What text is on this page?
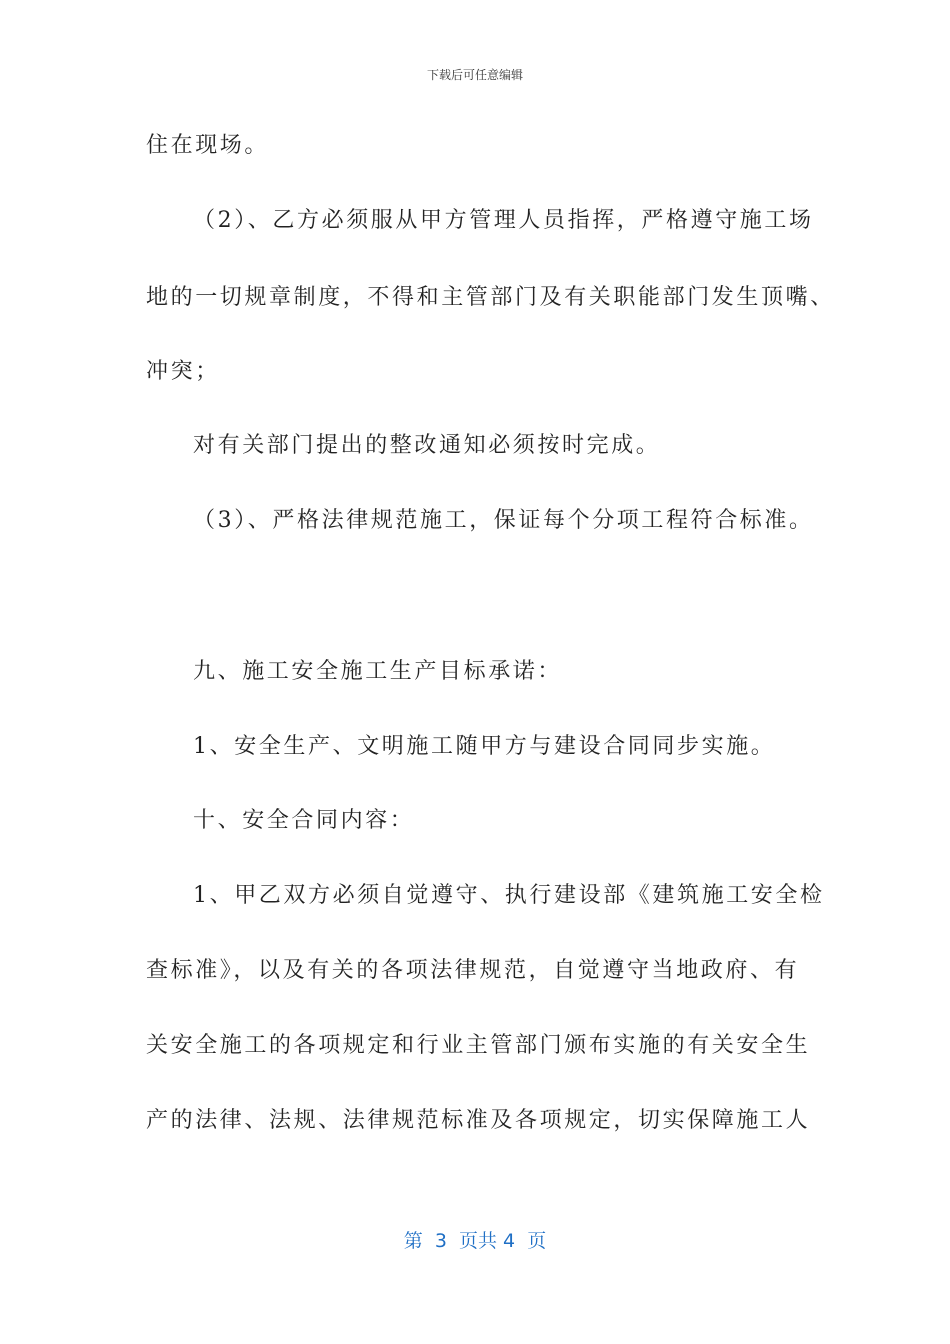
下载后可任意编辑
住在现场。
（2）、乙方必须服从甲方管理人员指挥，严格遵守施工场
地的一切规章制度，不得和主管部门及有关职能部门发生顶嘴、
冲突；
对有关部门提出的整改通知必须按时完成。
（3）、严格法律规范施工，保证每个分项工程符合标准。
九、施工安全施工生产目标承诺：
1、安全生产、文明施工随甲方与建设合同同步实施。
十、安全合同内容：
1、甲乙双方必须自觉遵守、执行建设部《建筑施工安全检
查标准》，以及有关的各项法律规范，自觉遵守当地政府、有
关安全施工的各项规定和行业主管部门颁布实施的有关安全生
产的法律、法规、法律规范标准及各项规定，切实保障施工人
第  3  页共 4  页
